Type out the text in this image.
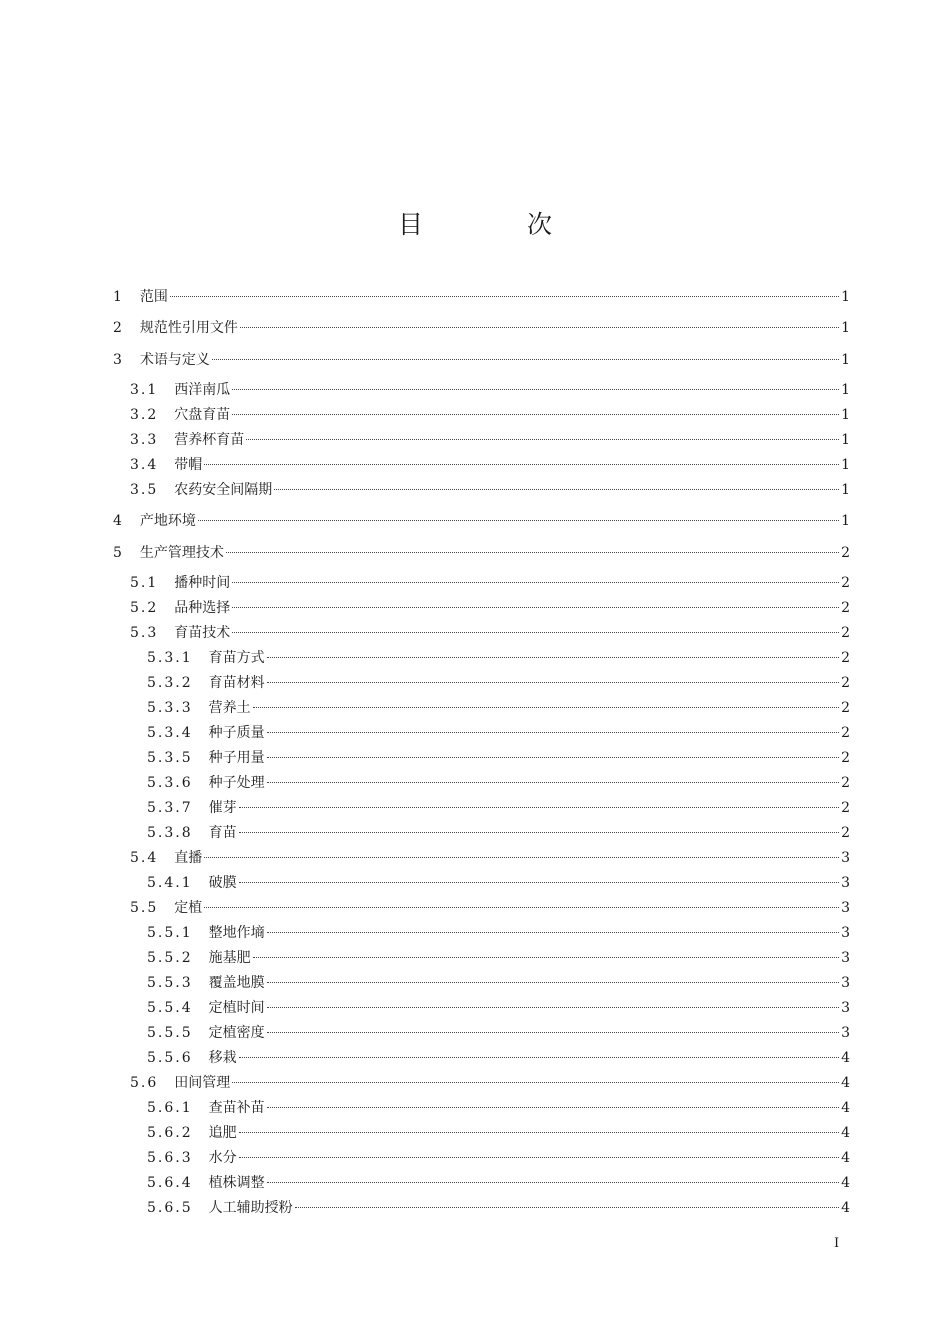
目 次
1 范围	1
2 规范性引用文件	1
3 术语与定义	1
3.1 西洋南瓜	1
3.2 穴盘育苗	1
3.3 营养杯育苗	1
3.4 带帽	1
3.5 农药安全间隔期	1
4 产地环境	1
5 生产管理技术	2
5.1 播种时间	2
5.2 品种选择	2
5.3 育苗技术	2
5.3.1 育苗方式	2
5.3.2 育苗材料	2
5.3.3 营养土	2
5.3.4 种子质量	2
5.3.5 种子用量	2
5.3.6 种子处理	2
5.3.7 催芽	2
5.3.8 育苗	2
5.4 直播	3
5.4.1 破膜	3
5.5 定植	3
5.5.1 整地作墒	3
5.5.2 施基肥	3
5.5.3 覆盖地膜	3
5.5.4 定植时间	3
5.5.5 定植密度	3
5.5.6 移栽	4
5.6 田间管理	4
5.6.1 查苗补苗	4
5.6.2 追肥	4
5.6.3 水分	4
5.6.4 植株调整	4
5.6.5 人工辅助授粉	4
I
